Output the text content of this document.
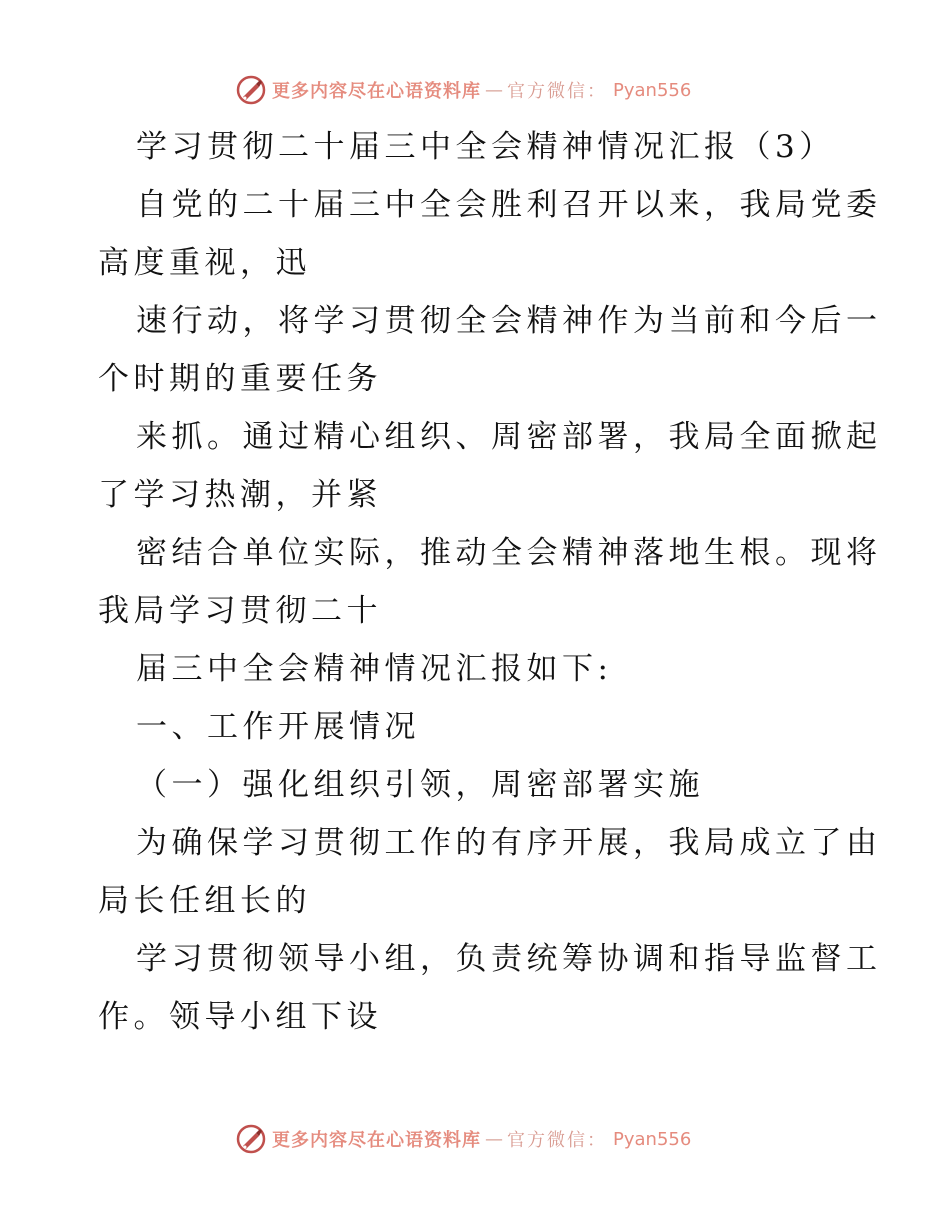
更多内容尽在心语资料库 — 官方微信： Pyan556
学习贯彻二十届三中全会精神情况汇报（3）
自党的二十届三中全会胜利召开以来，我局党委
高度重视，迅
速行动，将学习贯彻全会精神作为当前和今后一
个时期的重要任务
来抓。通过精心组织、周密部署，我局全面掀起
了学习热潮，并紧
密结合单位实际，推动全会精神落地生根。现将
我局学习贯彻二十
届三中全会精神情况汇报如下:
一、工作开展情况
（一）强化组织引领，周密部署实施
为确保学习贯彻工作的有序开展，我局成立了由
局长任组长的
学习贯彻领导小组，负责统筹协调和指导监督工
作。领导小组下设
更多内容尽在心语资料库 — 官方微信： Pyan556
